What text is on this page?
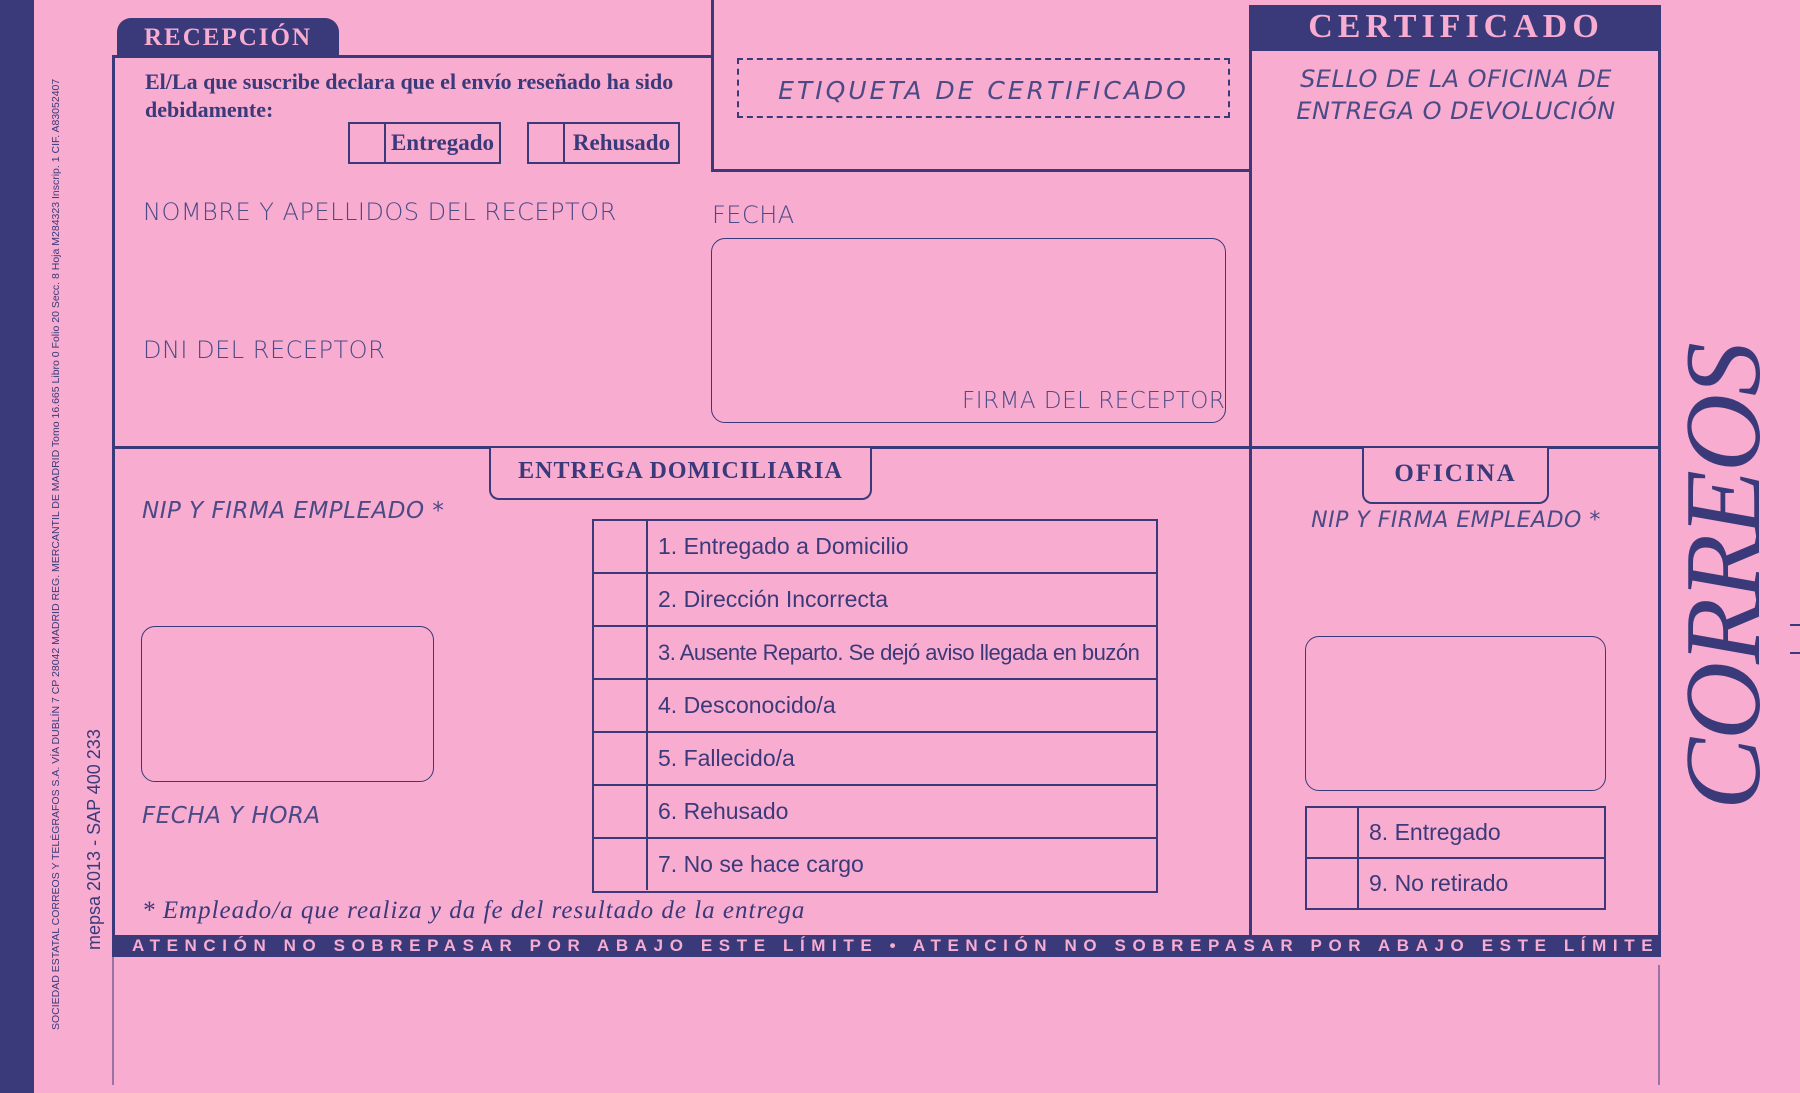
902 197 197 • www.correos.es SOCIEDAD ESTATAL CORREOS Y TELÉGRAFOS S.A. VÍA DUBLÍN 7 CP 28042 MADRID REG. MERCANTIL DE MADRID Tomo 16.665 Libro 0 Folio 20 Secc. 8 Hoja M284323 Inscrip. 1 CIF. A83052407 mepsa 2013 - SAP 400 233
RECEPCIÓN
El/La que suscribe declara que el envío reseñado ha sido debidamente:
Entregado	Rehusado
NOMBRE Y APELLIDOS DEL RECEPTOR
DNI DEL RECEPTOR
FECHA
FIRMA DEL RECEPTOR
ETIQUETA DE CERTIFICADO
CERTIFICADO
SELLO DE LA OFICINA DE
ENTREGA O DEVOLUCIÓN
ENTREGA DOMICILIARIA
NIP Y FIRMA EMPLEADO *
FECHA Y HORA
1. Entregado a Domicilio
2. Dirección Incorrecta
3. Ausente Reparto. Se dejó aviso llegada en buzón
4. Desconocido/a
5. Fallecido/a
6. Rehusado
7. No se hace cargo
* Empleado/a que realiza y da fe del resultado de la entrega
OFICINA
NIP Y FIRMA EMPLEADO *
8. Entregado
9. No retirado
ATENCIÓN NO SOBREPASAR POR ABAJO ESTE LÍMITE • ATENCIÓN NO SOBREPASAR POR ABAJO ESTE LÍMITE
CORREOS
